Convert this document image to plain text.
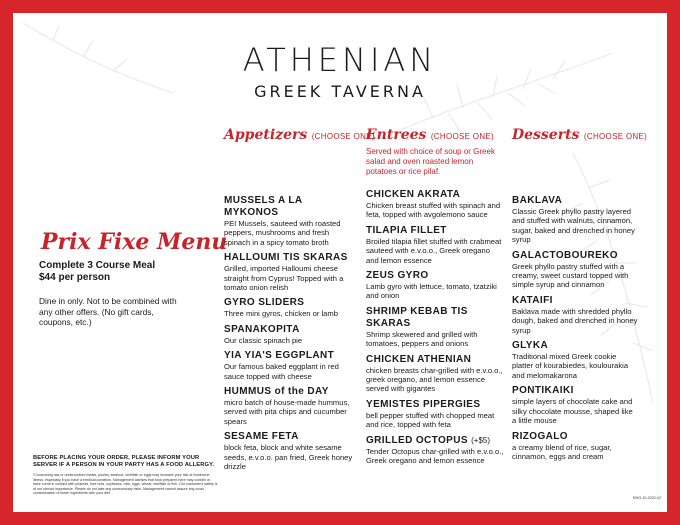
ATHENIAN
GREEK TAVERNA
Prix Fixe Menu
Complete 3 Course Meal
$44 per person
Dine in only. Not to be combined with any other offers. (No gift cards, coupons, etc.)
Appetizers (CHOOSE ONE)
MUSSELS A LA MYKONOS
PEI Mussels, sauteed with roasted peppers, mushrooms and fresh spinach in a spicy tomato broth
HALLOUMI TIS SKARAS
Grilled, imported Halloumi cheese straight from Cyprus! Topped with a tomato onion relish
GYRO SLIDERS
Three mini gyros, chicken or lamb
SPANAKOPITA
Our classic spinach pie
YIA YIA'S EGGPLANT
Our famous baked eggplant in red sauce topped with cheese
HUMMUS of the DAY
micro batch of house-made hummus, served with pita chips and cucumber spears
SESAME FETA
block feta, block and white sesame seeds, e.v.o.o. pan fried, Greek honey drizzle
Entrees (CHOOSE ONE)
Served with choice of soup or Greek salad and oven roasted lemon potatoes or rice pilaf.
CHICKEN AKRATA
Chicken breast stuffed with spinach and feta, topped with avgolemono sauce
TILAPIA FILLET
Broiled tilapia fillet stuffed with crabmeat sauteed with e.v.o.o., Greek oregano and lemon essence
ZEUS GYRO
Lamb gyro with lettuce, tomato, tzatziki and onion
SHRIMP KEBAB TIS SKARAS
Shrimp skewered and grilled with tomatoes, peppers and onions
CHICKEN ATHENIAN
chicken breasts char-grilled with e.v.o.o., greek oregano, and lemon essence served with gigantes
YEMISTES PIPERGIES
bell pepper stuffed with chopped meat and rice, topped with feta
GRILLED OCTOPUS (+$5)
Tender Octopus char-grilled with e.v.o.o., Greek oregano and lemon essence
Desserts (CHOOSE ONE)
BAKLAVA
Classic Greek phyllo pastry layered and stuffed with walnuts, cinnamon, sugar, baked and drenched in honey syrup
GALACTOBOUREKO
Greek phyllo pastry stuffed with a creamy, sweet custard topped with simple syrup and cinnamon
KATAIFI
Baklava made with shredded phyllo dough, baked and drenched in honey syrup
GLYKA
Traditional mixed Greek cookie platter of kourabiedes, koulourakia and melomakarona
PONTIKAIKI
simple layers of chocolate cake and silky chocolate mousse, shaped like a little mouse
RIZOGALO
a creamy blend of rice, sugar, cinnamon, eggs and cream
BEFORE PLACING YOUR ORDER, PLEASE INFORM YOUR SERVER IF A PERSON IN YOUR PARTY HAS A FOOD ALLERGY.
*Consuming raw or undercooked meats, poultry, seafood, shellfish or eggs may increase your risk of foodborne illness, especially if you have a medical condition. Management advises that food prepared here may contain or have come in contact with peanuts, tree nuts, soybeans, milk, eggs, wheat, shellfish or fish. Our customer's safety is of our utmost importance. Please do not take any unnecessary risks. Management cannot assure any cross contamination of these ingredients with your diet.
EMO-10-2022-V2
